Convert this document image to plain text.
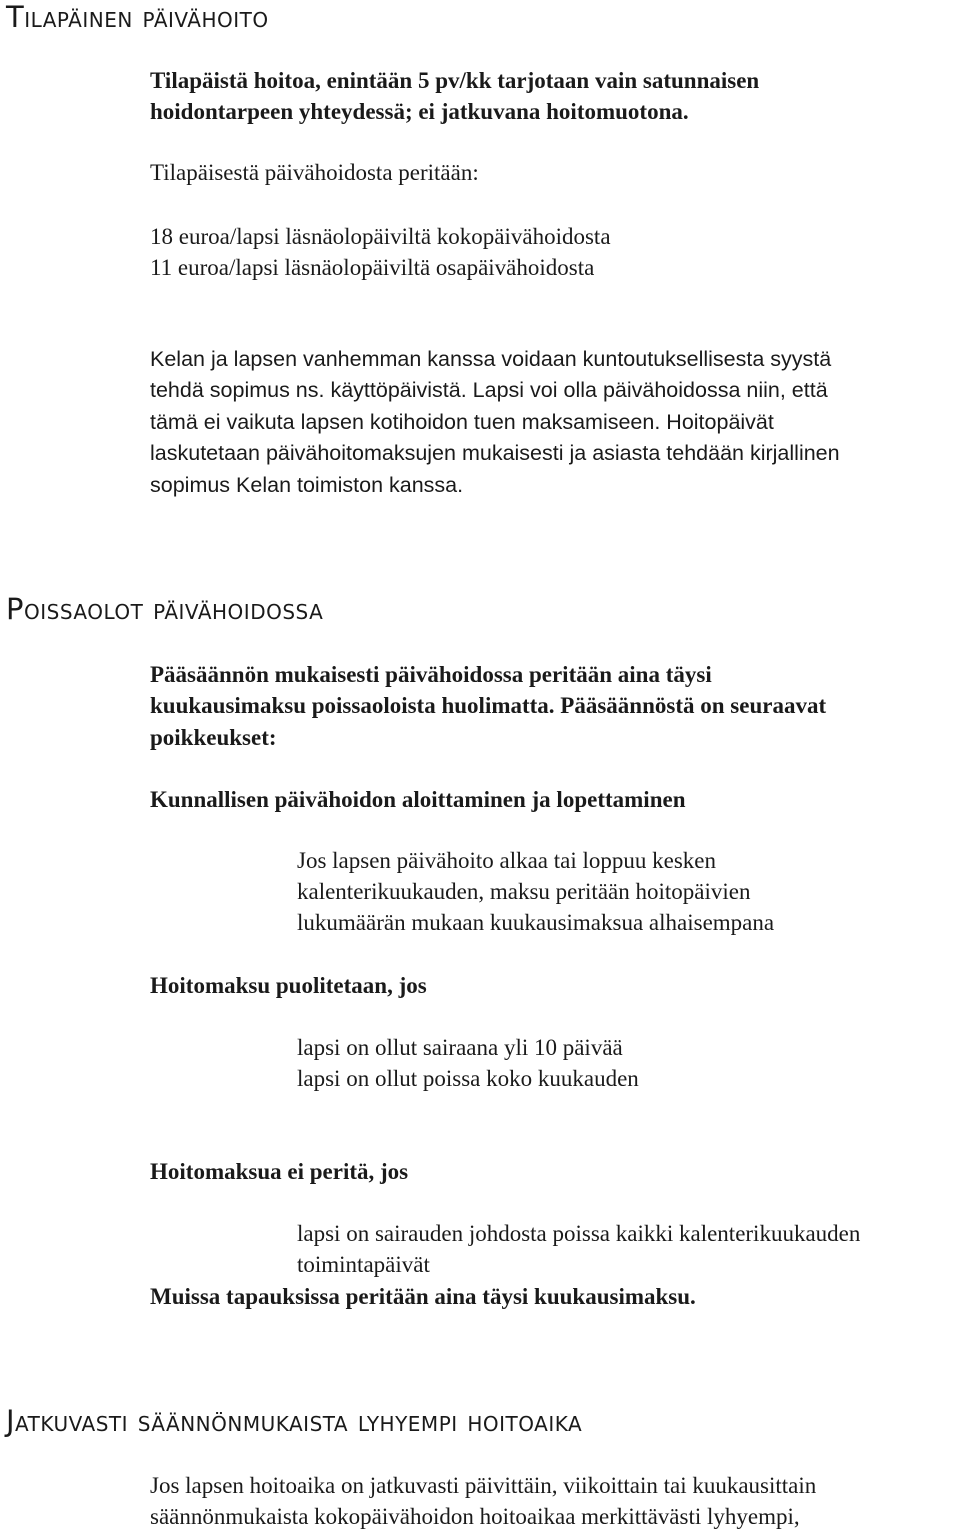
Tilapäinen päivähoito

Tilapäistä hoitoa, enintään 5 pv/kk tarjotaan vain satunnaisen

hoidontarpeen yhteydessä; ei jatkuvana hoitomuotona.

Tilapäisestä päivähoidosta peritään:

18 euroa/lapsi läsnäolopäiviltä kokopäivähoidosta

11 euroa/lapsi läsnäolopäiviltä osapäivähoidosta

Kelan ja lapsen vanhemman kanssa voidaan kuntoutuksellisesta syystä

tehdä sopimus ns. käyttöpäivistä. Lapsi voi olla päivähoidossa niin, että

tämä ei vaikuta lapsen kotihoidon tuen maksamiseen. Hoitopäivät

laskutetaan päivähoitomaksujen mukaisesti ja asiasta tehdään kirjallinen

sopimus Kelan toimiston kanssa.

Poissaolot päivähoidossa

Pääsäännön mukaisesti päivähoidossa peritään aina täysi

kuukausimaksu poissaoloista huolimatta. Pääsäännöstä on seuraavat

poikkeukset:

Kunnallisen päivähoidon aloittaminen ja lopettaminen

Jos lapsen päivähoito alkaa tai loppuu kesken

kalenterikuukauden, maksu peritään hoitopäivien

lukumäärän mukaan kuukausimaksua alhaisempana

Hoitomaksu puolitetaan, jos

lapsi on ollut sairaana yli 10 päivää

lapsi on ollut poissa koko kuukauden

Hoitomaksua ei peritä, jos

lapsi on sairauden johdosta poissa kaikki kalenterikuukauden

toimintapäivät

Muissa tapauksissa peritään aina täysi kuukausimaksu.

Jatkuvasti säännönmukaista lyhyempi hoitoaika

Jos lapsen hoitoaika on jatkuvasti päivittäin, viikoittain tai kuukausittain

säännönmukaista kokopäivähoidon hoitoaikaa merkittävästi lyhyempi,
